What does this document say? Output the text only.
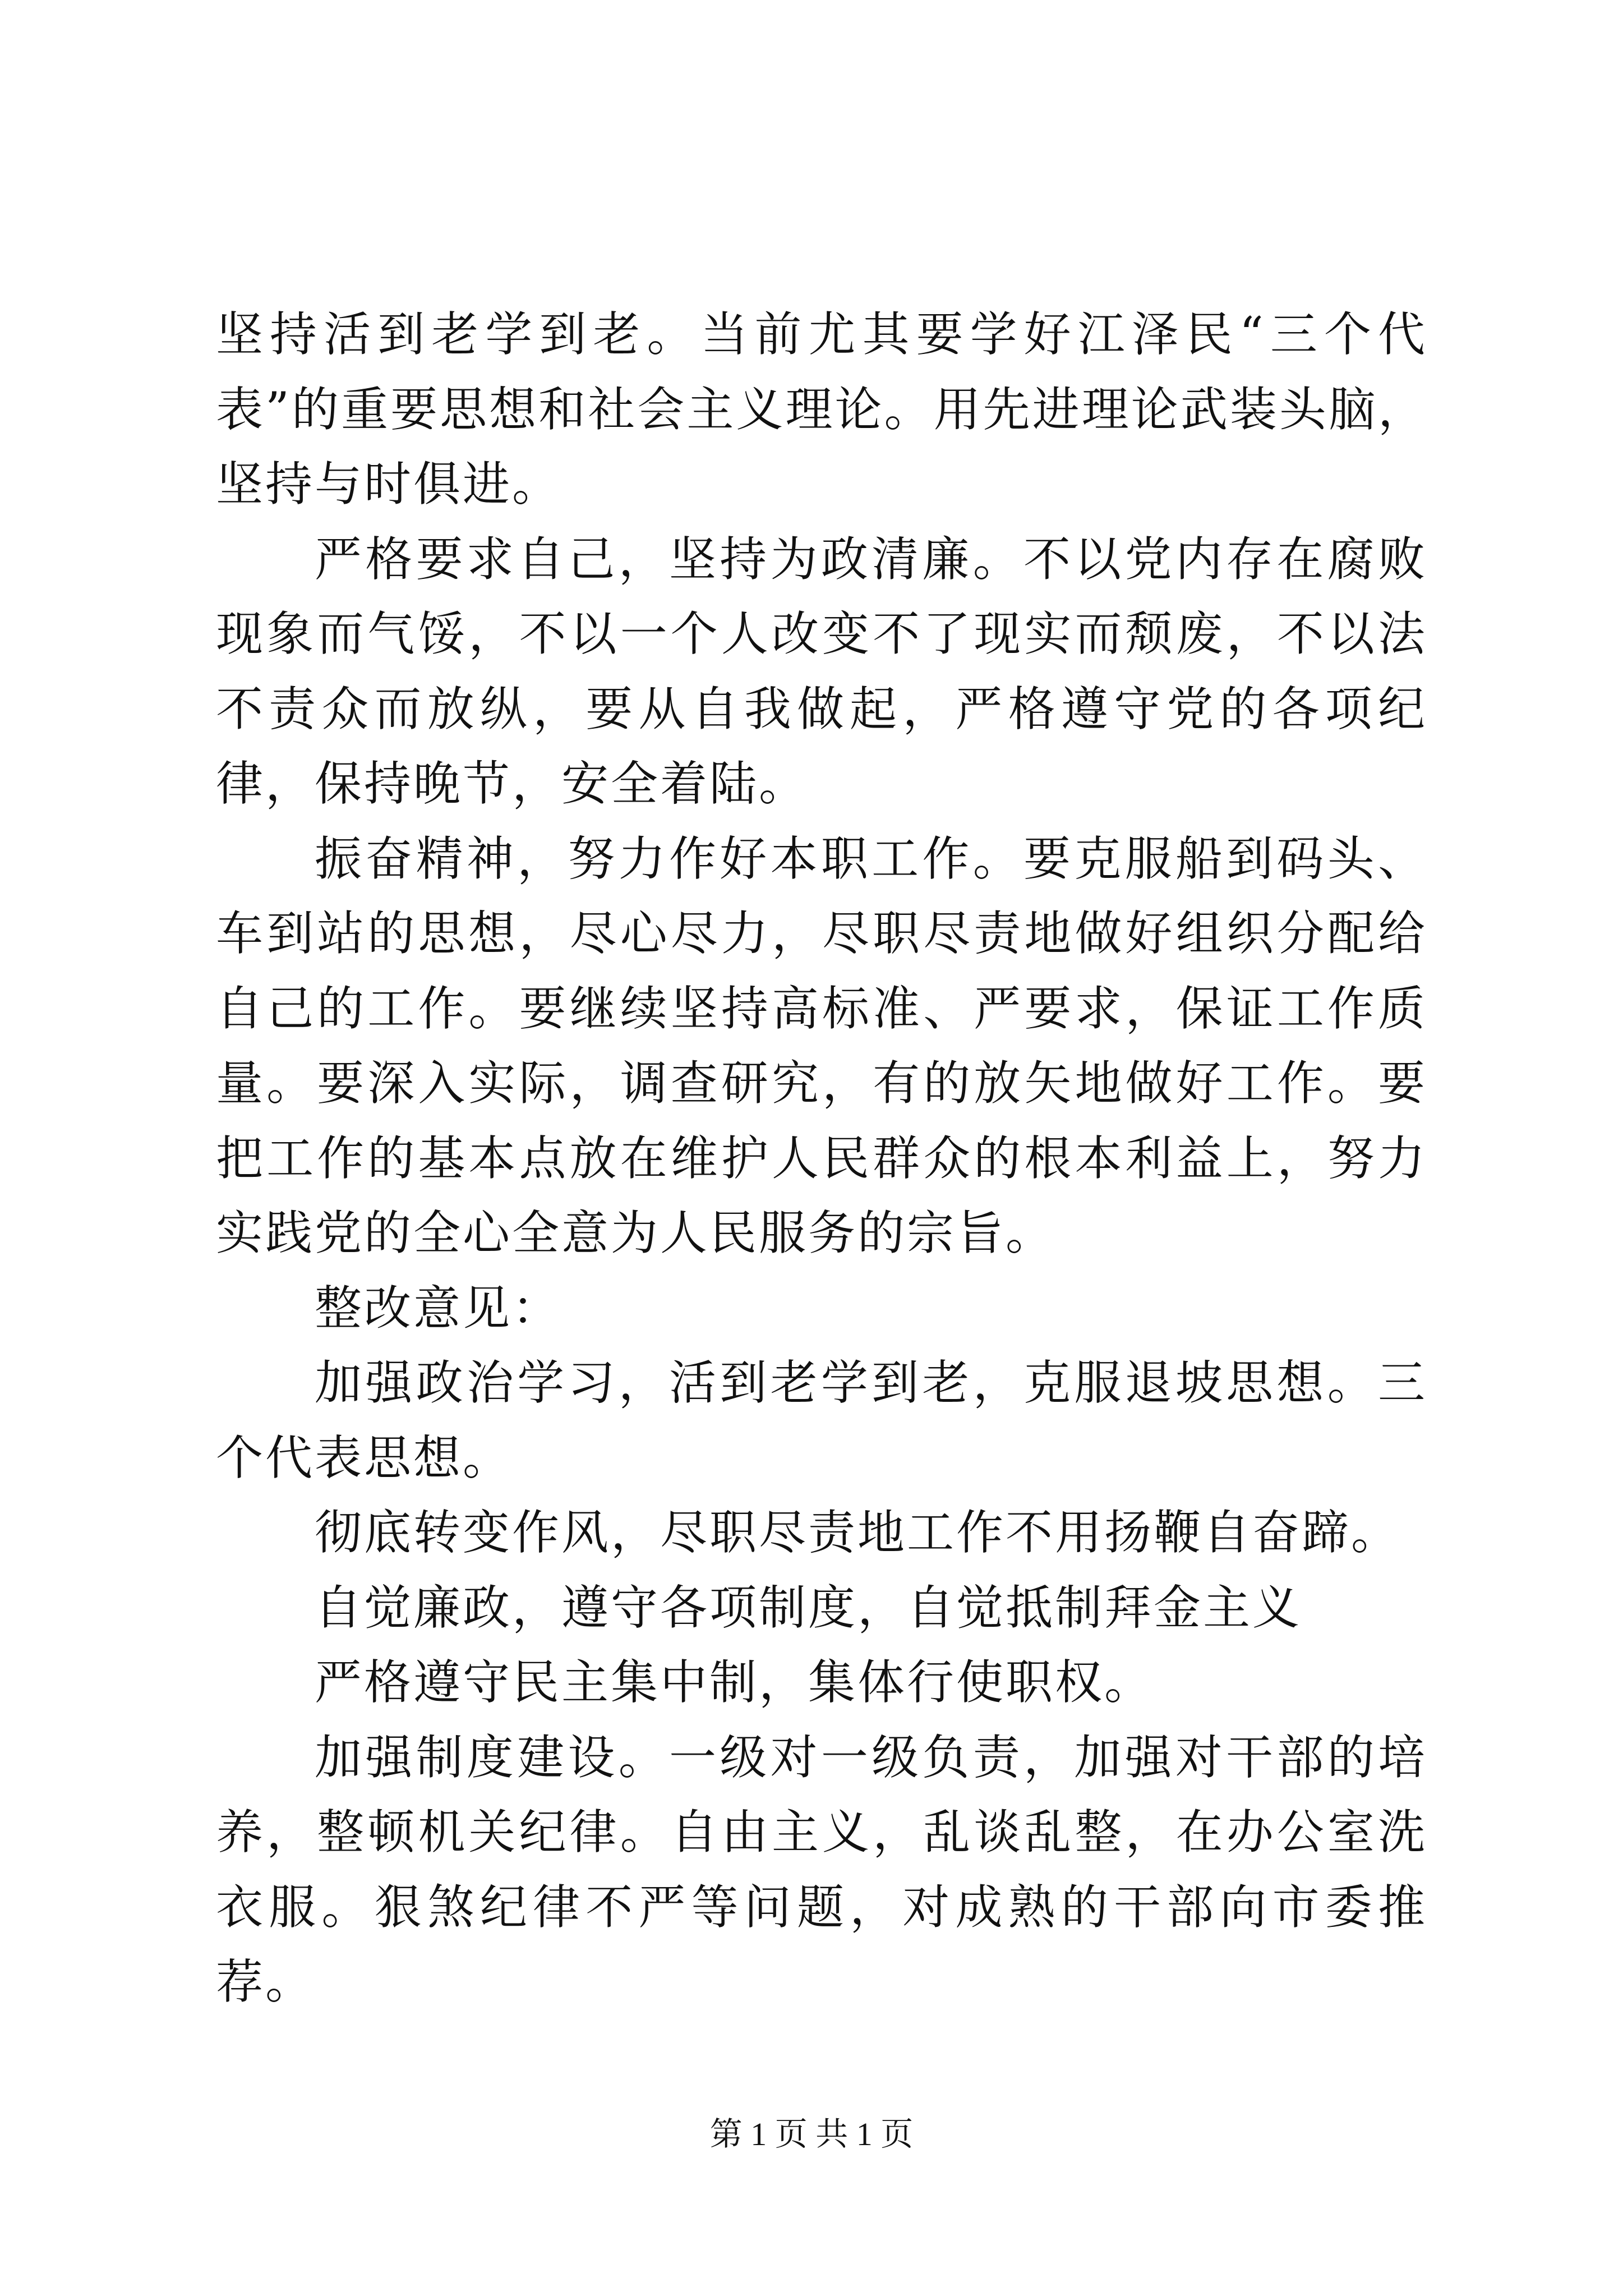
坚持活到老学到老。当前尤其要学好江泽民“三个代表”的重要思想和社会主义理论。用先进理论武装头脑，坚持与时俱进。

严格要求自己，坚持为政清廉。不以党内存在腐败现象而气馁，不以一个人改变不了现实而颓废，不以法不责众而放纵，要从自我做起，严格遵守党的各项纪律，保持晚节，安全着陆。

振奋精神，努力作好本职工作。要克服船到码头、车到站的思想，尽心尽力，尽职尽责地做好组织分配给自己的工作。要继续坚持高标准、严要求，保证工作质量。要深入实际，调查研究，有的放矢地做好工作。要把工作的基本点放在维护人民群众的根本利益上，努力实践党的全心全意为人民服务的宗旨。

整改意见：

加强政治学习，活到老学到老，克服退坡思想。三个代表思想。

彻底转变作风，尽职尽责地工作不用扬鞭自奋蹄。

自觉廉政，遵守各项制度，自觉抵制拜金主义

严格遵守民主集中制，集体行使职权。

加强制度建设。一级对一级负责，加强对干部的培养，整顿机关纪律。自由主义，乱谈乱整，在办公室洗衣服。狠煞纪律不严等问题，对成熟的干部向市委推荐。

第 1 页 共 1 页
